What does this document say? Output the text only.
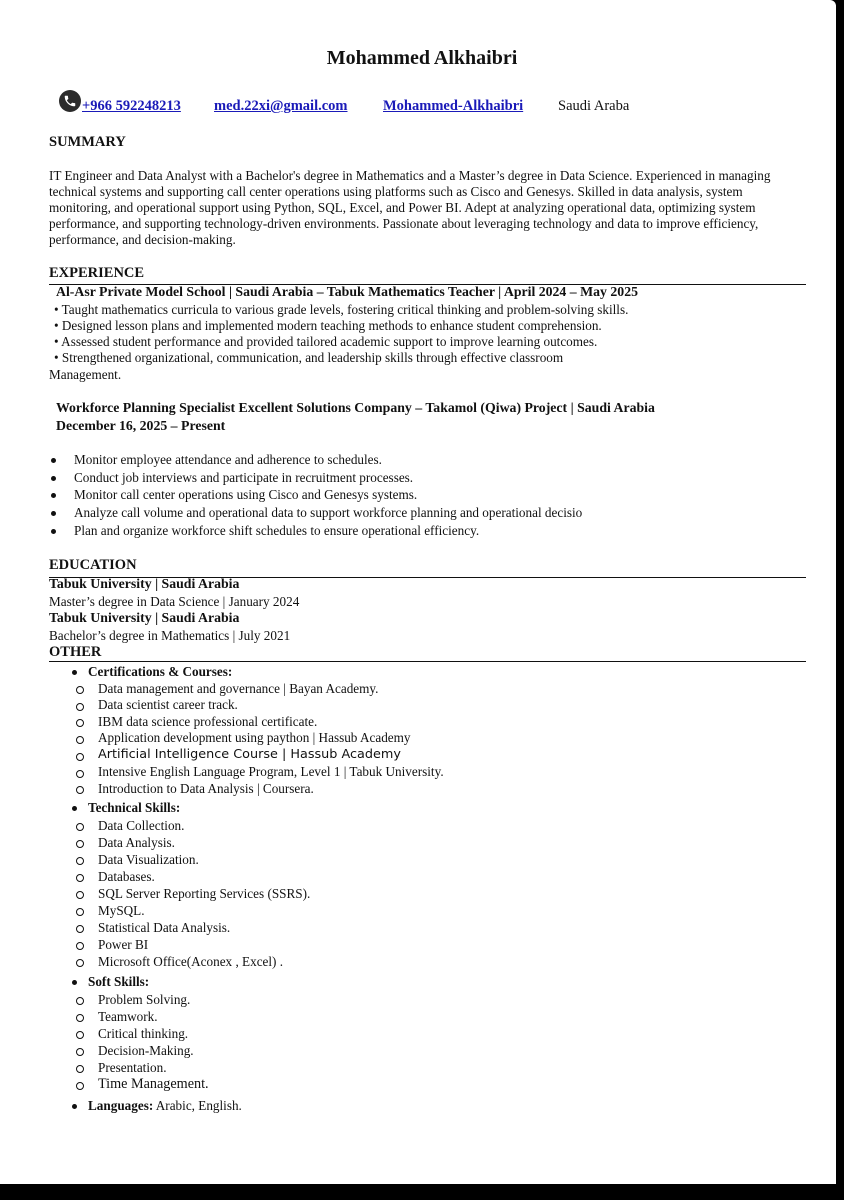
Mohammed Alkhaibri
+966 592248213 med.22xi@gmail.com Mohammed-Alkhaibri Saudi Araba
SUMMARY
IT Engineer and Data Analyst with a Bachelor's degree in Mathematics and a Master’s degree in Data Science. Experienced in managing technical systems and supporting call center operations using platforms such as Cisco and Genesys. Skilled in data analysis, system monitoring, and operational support using Python, SQL, Excel, and Power BI. Adept at analyzing operational data, optimizing system performance, and supporting technology-driven environments. Passionate about leveraging technology and data to improve efficiency, performance, and decision-making.
EXPERIENCE
Al-Asr Private Model School | Saudi Arabia – Tabuk Mathematics Teacher | April 2024 – May 2025
• Taught mathematics curricula to various grade levels, fostering critical thinking and problem-solving skills.
• Designed lesson plans and implemented modern teaching methods to enhance student comprehension.
• Assessed student performance and provided tailored academic support to improve learning outcomes.
• Strengthened organizational, communication, and leadership skills through effective classroom
Management.
Workforce Planning Specialist Excellent Solutions Company – Takamol (Qiwa) Project | Saudi Arabia
December 16, 2025 – Present
Monitor employee attendance and adherence to schedules.
Conduct job interviews and participate in recruitment processes.
Monitor call center operations using Cisco and Genesys systems.
Analyze call volume and operational data to support workforce planning and operational decisio
Plan and organize workforce shift schedules to ensure operational efficiency.
EDUCATION
Tabuk University | Saudi Arabia
Master’s degree in Data Science | January 2024
Tabuk University | Saudi Arabia
Bachelor’s degree in Mathematics | July 2021
OTHER
Certifications & Courses:
Data management and governance | Bayan Academy.
Data scientist career track.
IBM data science professional certificate.
Application development using paython | Hassub Academy
Artificial Intelligence Course | Hassub Academy
Intensive English Language Program, Level 1 | Tabuk University.
Introduction to Data Analysis | Coursera.
Technical Skills:
Data Collection.
Data Analysis.
Data Visualization.
Databases.
SQL Server Reporting Services (SSRS).
MySQL.
Statistical Data Analysis.
Power BI
Microsoft Office(Aconex , Excel) .
Soft Skills:
Problem Solving.
Teamwork.
Critical thinking.
Decision-Making.
Presentation.
Time Management.
Languages: Arabic, English.
